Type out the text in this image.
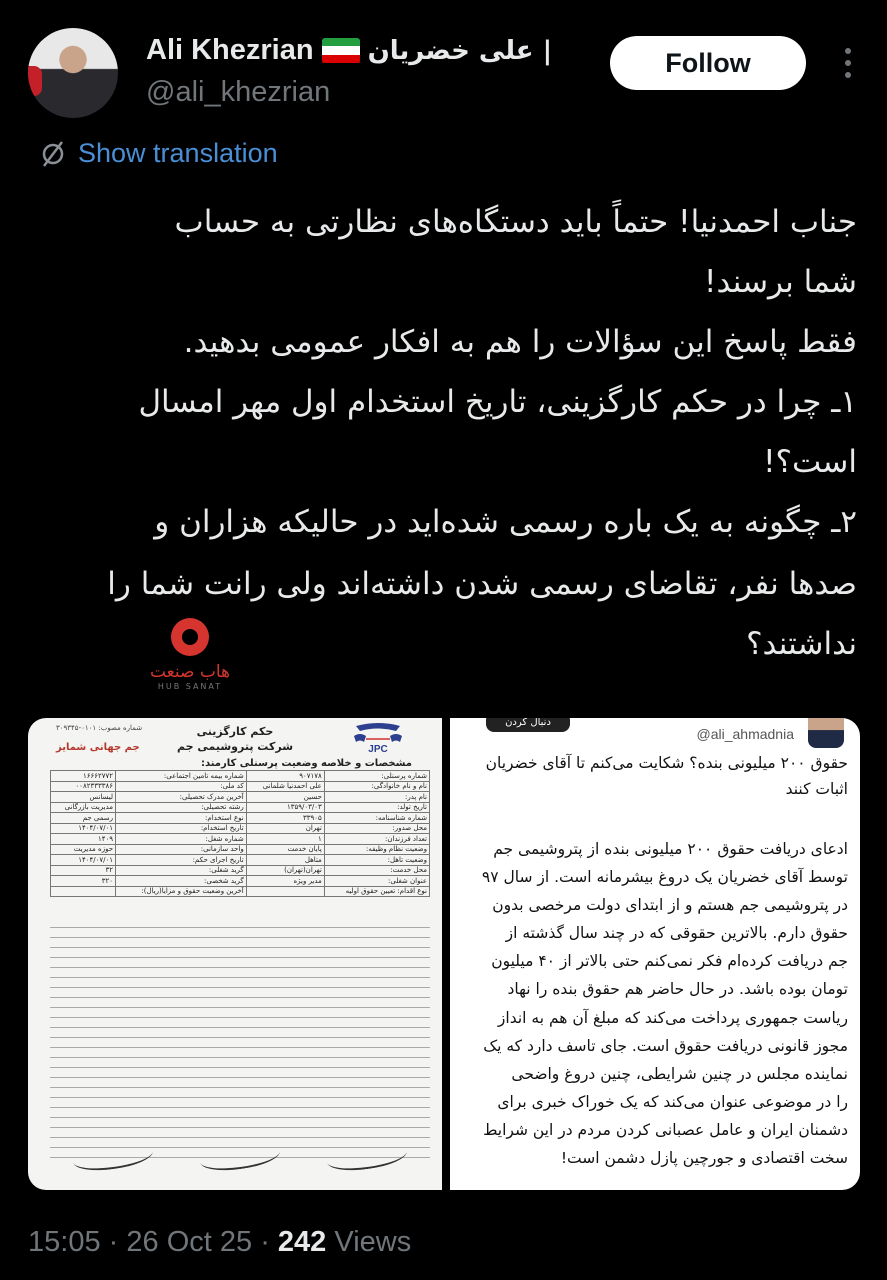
Ali Khezrian | علی خضریان
@ali_khezrian
Follow
Show translation
جناب احمدنیا! حتماً باید دستگاه‌های نظارتی به حساب
شما برسند!
فقط پاسخ این سؤالات را هم به افکار عمومی بدهید.
۱ـ چرا در حکم کارگزینی، تاریخ استخدام اول مهر امسال
است؟!
۲ـ چگونه به یک باره رسمی شده‌اید در حالیکه هزاران و
صدها نفر، تقاضای رسمی شدن داشته‌اند ولی رانت شما را
نداشتند؟
هاب صنعت
HUB SANAT
شماره مصوب: ۰۱۰۱-۳۰۹۳۴۵
جم جهانی شمایز
حکم کارگزینی
شرکت پتروشیمی جم	JPC
مشخصات و خلاصه وضعیت پرسنلی کارمند:
شماره پرسنلی:	۹۰۷۱۷۸	شماره بیمه تامین اجتماعی:	۱۶۶۶۲۷۷۲
نام و نام خانوادگی:	علی احمدنیا شلمانی	کد ملی:	۰۰۸۲۳۳۳۳۸۶
نام پدر:	حسین	آخرین مدرک تحصیلی:	لیسانس
تاریخ تولد:	۱۳۵۹/۰۳/۰۳	رشته تحصیلی:	مدیریت بازرگانی
شماره شناسنامه:	۳۳۹۰۵	نوع استخدام:	رسمی جم
محل صدور:	تهران	تاریخ استخدام:	۱۴۰۴/۰۷/۰۱
تعداد فرزندان:	۱	شماره شغل:	۱۴۰۹
وضعیت نظام وظیفه:	پایان خدمت	واحد سازمانی:	حوزه مدیریت
وضعیت تاهل:	متاهل	تاریخ اجرای حکم:	۱۴۰۴/۰۷/۰۱
محل خدمت:	تهران(تهران)	گرید شغلی:	۳۲
عنوان شغلی:	مدیر ویژه	گرید شخصی:	۳۲۰
نوع اقدام: تعیین حقوق اولیه		آخرین وضعیت حقوق و مزایا(ریال):	
@ali_ahmadnia
دنبال کردن
حقوق ۲۰۰ میلیونی بنده؟ شکایت می‌کنم تا آقای خضریان
اثبات کنند
ادعای دریافت حقوق ۲۰۰ میلیونی بنده از پتروشیمی جم
توسط آقای خضریان یک دروغ بیشرمانه است. از سال ۹۷
در پتروشیمی جم هستم و از ابتدای دولت مرخصی بدون
حقوق دارم. بالاترین حقوقی که در چند سال گذشته از
جم دریافت کرده‌ام فکر نمی‌کنم حتی بالاتر از ۴۰ میلیون
تومان بوده باشد. در حال حاضر هم حقوق بنده را نهاد
ریاست جمهوری پرداخت می‌کند که مبلغ آن هم به انداز
مجوز قانونی دریافت حقوق است. جای تاسف دارد که یک
نماینده مجلس در چنین شرایطی، چنین دروغ واضحی
را در موضوعی عنوان می‌کند که یک خوراک خبری برای
دشمنان ایران و عامل عصبانی کردن مردم در این شرایط
سخت اقتصادی و جورچین پازل دشمن است!
15:05 · 26 Oct 25 · 242 Views
